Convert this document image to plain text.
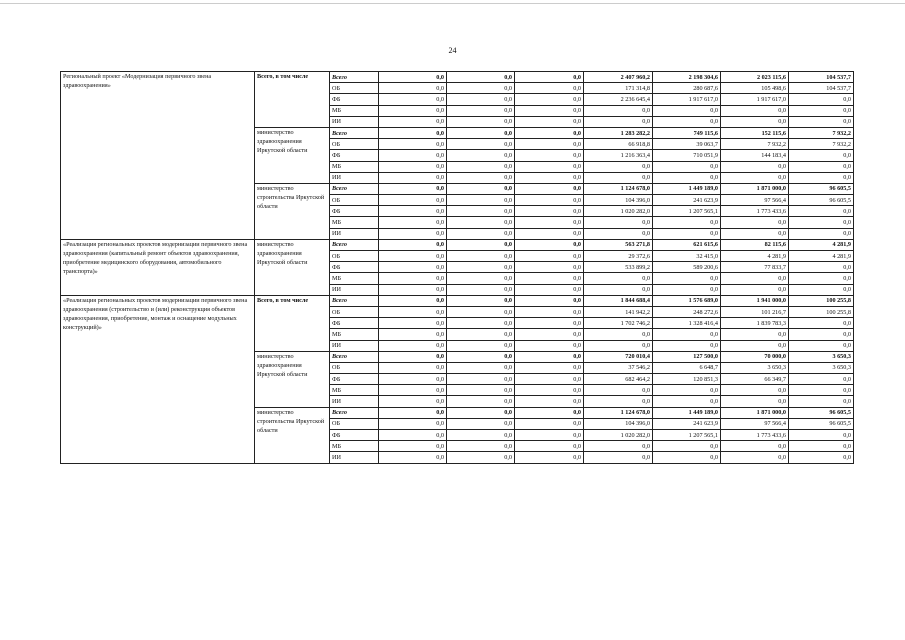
24
Региональный проект «Модернизация первичного звена здравоохранения»	Всего, в том числе	Всего	0,0	0,0	0,0	2 407 960,2	2 198 304,6	2 023 115,6	104 537,7
		ОБ	0,0	0,0	0,0	171 314,8	280 687,6	105 498,6	104 537,7
		ФБ	0,0	0,0	0,0	2 236 645,4	1 917 617,0	1 917 617,0	0,0
		МБ	0,0	0,0	0,0	0,0	0,0	0,0	0,0
		ИИ	0,0	0,0	0,0	0,0	0,0	0,0	0,0
	министерство здравоохранения Иркутской области	Всего	0,0	0,0	0,0	1 283 282,2	749 115,6	152 115,6	7 932,2
		ОБ	0,0	0,0	0,0	66 918,8	39 063,7	7 932,2	7 932,2
		ФБ	0,0	0,0	0,0	1 216 363,4	710 051,9	144 183,4	0,0
		МБ	0,0	0,0	0,0	0,0	0,0	0,0	0,0
		ИИ	0,0	0,0	0,0	0,0	0,0	0,0	0,0
	министерство строительства Иркутской области	Всего	0,0	0,0	0,0	1 124 678,0	1 449 189,0	1 871 000,0	96 605,5
		ОБ	0,0	0,0	0,0	104 396,0	241 623,9	97 566,4	96 605,5
		ФБ	0,0	0,0	0,0	1 020 282,0	1 207 565,1	1 773 433,6	0,0
		МБ	0,0	0,0	0,0	0,0	0,0	0,0	0,0
		ИИ	0,0	0,0	0,0	0,0	0,0	0,0	0,0
«Реализация региональных проектов модернизации первичного звена здравоохранения (капитальный ремонт объектов здравоохранения, приобретение медицинского оборудования, автомобильного транспорта)»	министерство здравоохранения Иркутской области	Всего	0,0	0,0	0,0	563 271,8	621 615,6	82 115,6	4 281,9
		ОБ	0,0	0,0	0,0	29 372,6	32 415,0	4 281,9	4 281,9
		ФБ	0,0	0,0	0,0	533 899,2	589 200,6	77 833,7	0,0
		МБ	0,0	0,0	0,0	0,0	0,0	0,0	0,0
		ИИ	0,0	0,0	0,0	0,0	0,0	0,0	0,0
«Реализация региональных проектов модернизации первичного звена здравоохранения (строительство и (или) реконструкция объектов здравоохранения, приобретение, монтаж и оснащение модульных конструкций)»	Всего, в том числе	Всего	0,0	0,0	0,0	1 844 688,4	1 576 689,0	1 941 000,0	100 255,8
		ОБ	0,0	0,0	0,0	141 942,2	248 272,6	101 216,7	100 255,8
		ФБ	0,0	0,0	0,0	1 702 746,2	1 328 416,4	1 839 783,3	0,0
		МБ	0,0	0,0	0,0	0,0	0,0	0,0	0,0
		ИИ	0,0	0,0	0,0	0,0	0,0	0,0	0,0
	министерство здравоохранения Иркутской области	Всего	0,0	0,0	0,0	720 010,4	127 500,0	70 000,0	3 650,3
		ОБ	0,0	0,0	0,0	37 546,2	6 648,7	3 650,3	3 650,3
		ФБ	0,0	0,0	0,0	682 464,2	120 851,3	66 349,7	0,0
		МБ	0,0	0,0	0,0	0,0	0,0	0,0	0,0
		ИИ	0,0	0,0	0,0	0,0	0,0	0,0	0,0
	министерство строительства Иркутской области	Всего	0,0	0,0	0,0	1 124 678,0	1 449 189,0	1 871 000,0	96 605,5
		ОБ	0,0	0,0	0,0	104 396,0	241 623,9	97 566,4	96 605,5
		ФБ	0,0	0,0	0,0	1 020 282,0	1 207 565,1	1 773 433,6	0,0
		МБ	0,0	0,0	0,0	0,0	0,0	0,0	0,0
		ИИ	0,0	0,0	0,0	0,0	0,0	0,0	0,0
